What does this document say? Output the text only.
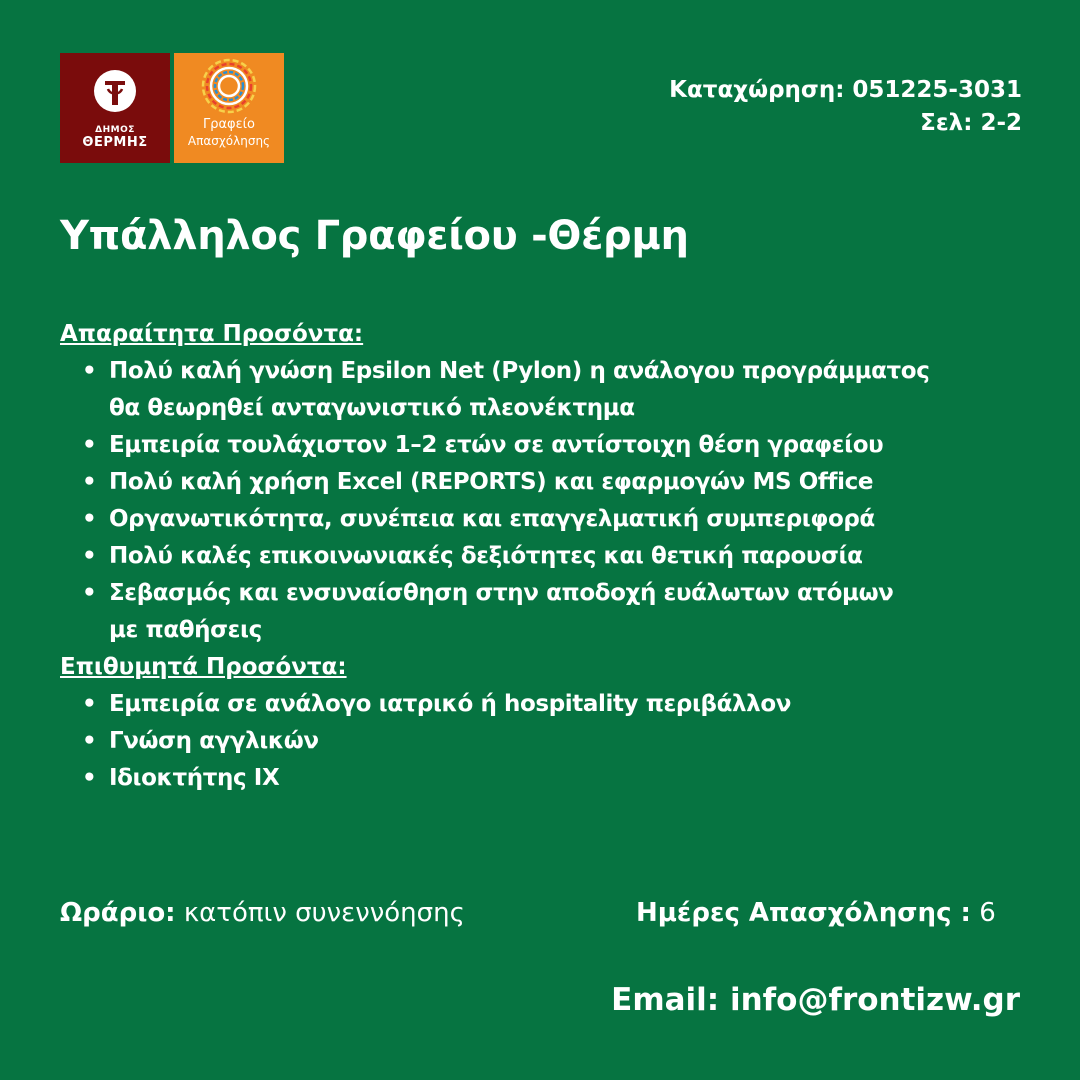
ΔΗΜΟΣ
ΘΕΡΜΗΣ
Γραφείο
Απασχόλησης
Καταχώρηση: 051225-3031
Σελ: 2-2
Υπάλληλος Γραφείου -Θέρμη
Απαραίτητα Προσόντα:
• Πολύ καλή γνώση Epsilon Net (Pylon) η ανάλογου προγράμματος
θα θεωρηθεί ανταγωνιστικό πλεονέκτημα
• Εμπειρία τουλάχιστον 1–2 ετών σε αντίστοιχη θέση γραφείου
• Πολύ καλή χρήση Excel (REPORTS) και εφαρμογών MS Office
• Οργανωτικότητα, συνέπεια και επαγγελματική συμπεριφορά
• Πολύ καλές επικοινωνιακές δεξιότητες και θετική παρουσία
• Σεβασμός και ενσυναίσθηση στην αποδοχή ευάλωτων ατόμων
με παθήσεις
Επιθυμητά Προσόντα:
• Εμπειρία σε ανάλογο ιατρικό ή hospitality περιβάλλον
• Γνώση αγγλικών
• Ιδιοκτήτης ΙΧ
Ωράριο: κατόπιν συνεννόησης	Ημέρες Απασχόλησης : 6
Email: info@frontizw.gr
